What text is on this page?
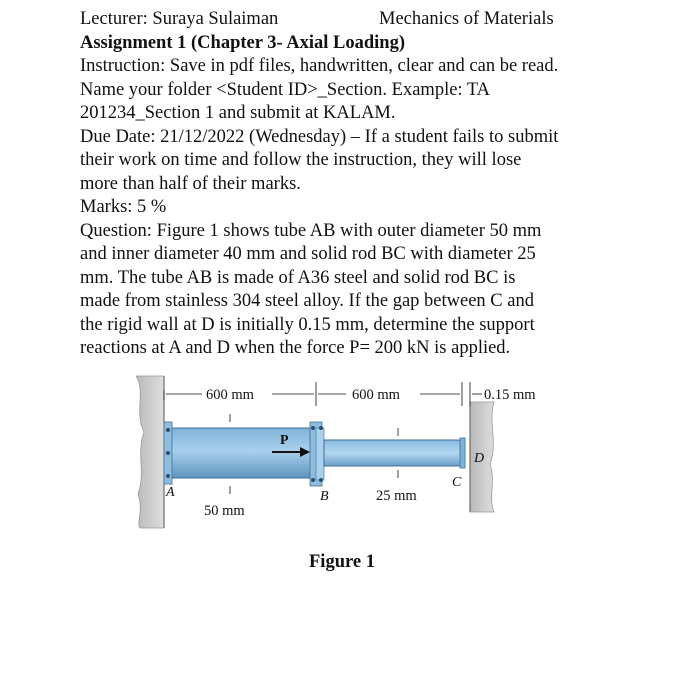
Lecturer: Suraya Sulaiman	Mechanics of Materials
Assignment 1 (Chapter 3- Axial Loading)
Instruction: Save in pdf files, handwritten, clear and can be read.
Name your folder <Student ID>_Section. Example: TA
201234_Section 1 and submit at KALAM.
Due Date: 21/12/2022 (Wednesday) – If a student fails to submit
their work on time and follow the instruction, they will lose
more than half of their marks.
Marks: 5 %
Question: Figure 1 shows tube AB with outer diameter 50 mm
and inner diameter 40 mm and solid rod BC with diameter 25
mm. The tube AB is made of A36 steel and solid rod BC is
made from stainless 304 steel alloy. If the gap between C and
the rigid wall at D is initially 0.15 mm, determine the support
reactions at A and D when the force P= 200 kN is applied.
P
600 mm	600 mm	0.15 mm
A	B
C
D
50 mm
25 mm
Figure 1
